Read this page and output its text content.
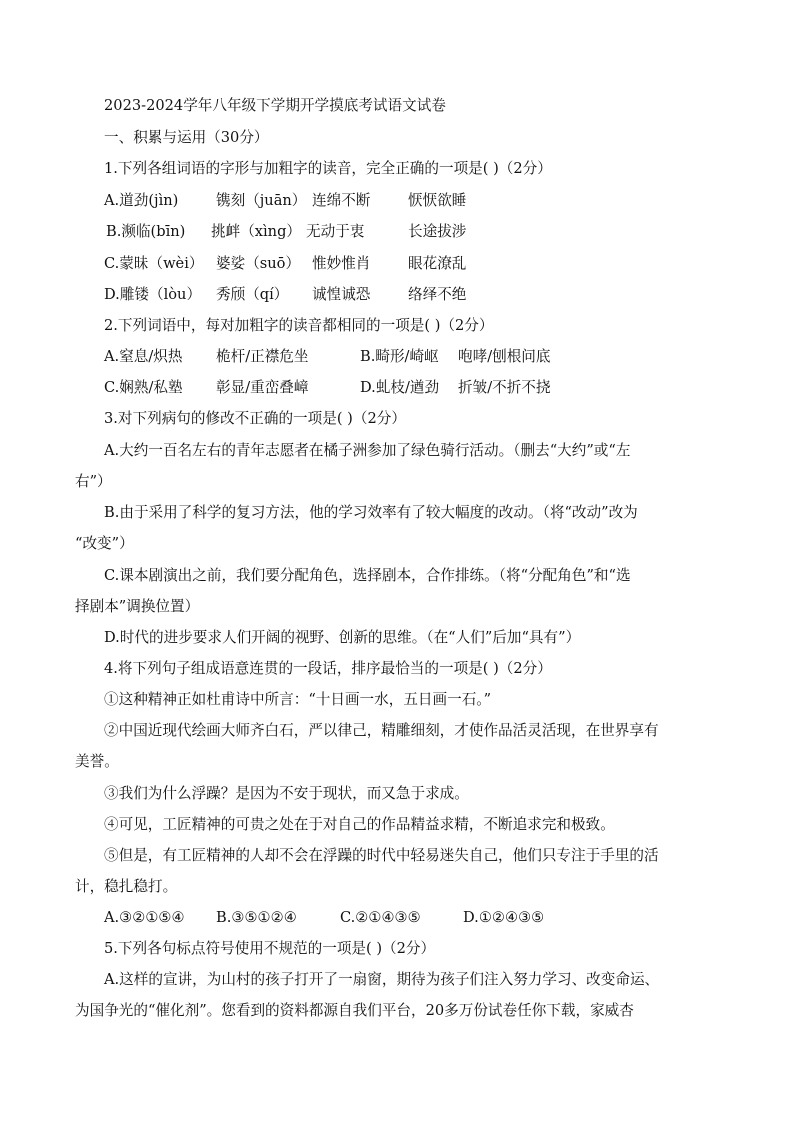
2023-2024学年八年级下学期开学摸底考试语文试卷
一、积累与运用（30分）
1.下列各组词语的字形与加粗字的读音，完全正确的一项是( )（2分）
A.道劲(jìn)	镌刻（juān） 连绵不断	恹恹欲睡
B.濒临(bīn) 挑衅（xìng） 无动于衷	长途拔涉
C.蒙昧（wèi） 婆娑（suō） 惟妙惟肖	眼花潦乱
D.雕镂（lòu） 秀颀（qí） 诚惶诚恐	络绎不绝
2.下列词语中，每对加粗字的读音都相同的一项是( )（2分）
A.窒息/炽热 桅杆/正襟危坐	B.畸形/崎岖 咆哮/刨根问底
C.娴熟/私塾 彰显/重峦叠嶂	D.虬枝/遒劲 折皱/不折不挠
3.对下列病句的修改不正确的一项是( )（2分）
A.大约一百名左右的青年志愿者在橘子洲参加了绿色骑行活动。（删去“大约”或“左
右”）
B.由于采用了科学的复习方法，他的学习效率有了较大幅度的改动。（将“改动”改为
“改变”）
C.课本剧演出之前，我们要分配角色，选择剧本，合作排练。（将“分配角色”和“选
择剧本”调换位置）
D.时代的进步要求人们开阔的视野、创新的思维。（在“人们”后加“具有”）
4.将下列句子组成语意连贯的一段话，排序最恰当的一项是( )（2分）
①这种精神正如杜甫诗中所言：“十日画一水，五日画一石。”
②中国近现代绘画大师齐白石，严以律己，精雕细刻，才使作品活灵活现，在世界享有
美誉。
③我们为什么浮躁？是因为不安于现状，而又急于求成。
④可见，工匠精神的可贵之处在于对自己的作品精益求精，不断追求完和极致。
⑤但是，有工匠精神的人却不会在浮躁的时代中轻易迷失自己，他们只专注于手里的活
计，稳扎稳打。
A.③②①⑤④ B.③⑤①②④	C.②①④③⑤	D.①②④③⑤
5.下列各句标点符号使用不规范的一项是( )（2分）
A.这样的宣讲，为山村的孩子打开了一扇窗，期待为孩子们注入努力学习、改变命运、
为国争光的“催化剂”。您看到的资料都源自我们平台，20多万份试卷任你下载，家威杏
